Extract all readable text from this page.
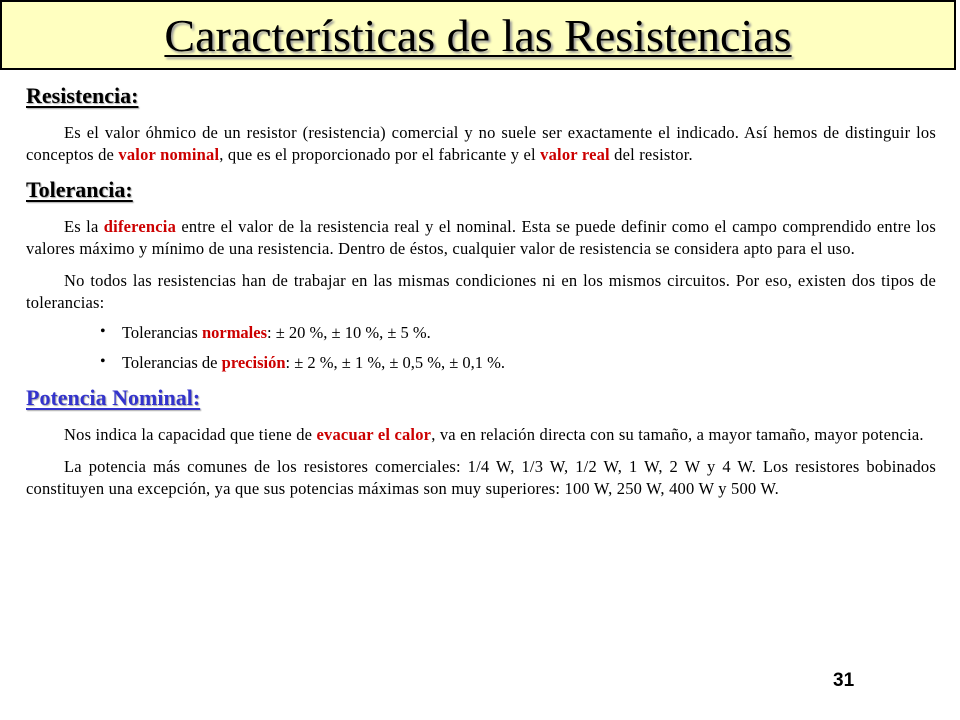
Características de las Resistencias
Resistencia:

Es el valor óhmico de un resistor (resistencia) comercial y no suele ser exactamente el indicado. Así hemos de distinguir los conceptos de valor nominal, que es el proporcionado por el fabricante y el valor real del resistor.

Tolerancia:

Es la diferencia entre el valor de la resistencia real y el nominal. Esta se puede definir como el campo comprendido entre los valores máximo y mínimo de una resistencia. Dentro de éstos, cualquier valor de resistencia se considera apto para el uso.

No todos las resistencias han de trabajar en las mismas condiciones ni en los mismos circuitos. Por eso, existen dos tipos de tolerancias:

• Tolerancias normales: ± 20 %, ± 10 %, ± 5 %.
• Tolerancias de precisión: ± 2 %, ± 1 %, ± 0,5 %, ± 0,1 %.
Potencia Nominal:

Nos indica la capacidad que tiene de evacuar el calor, va en relación directa con su tamaño, a mayor tamaño, mayor potencia.

La potencia más comunes de los resistores comerciales: 1/4 W, 1/3 W, 1/2 W, 1 W, 2 W y 4 W. Los resistores bobinados constituyen una excepción, ya que sus potencias máximas son muy superiores: 100 W, 250 W, 400 W y 500 W.

31
